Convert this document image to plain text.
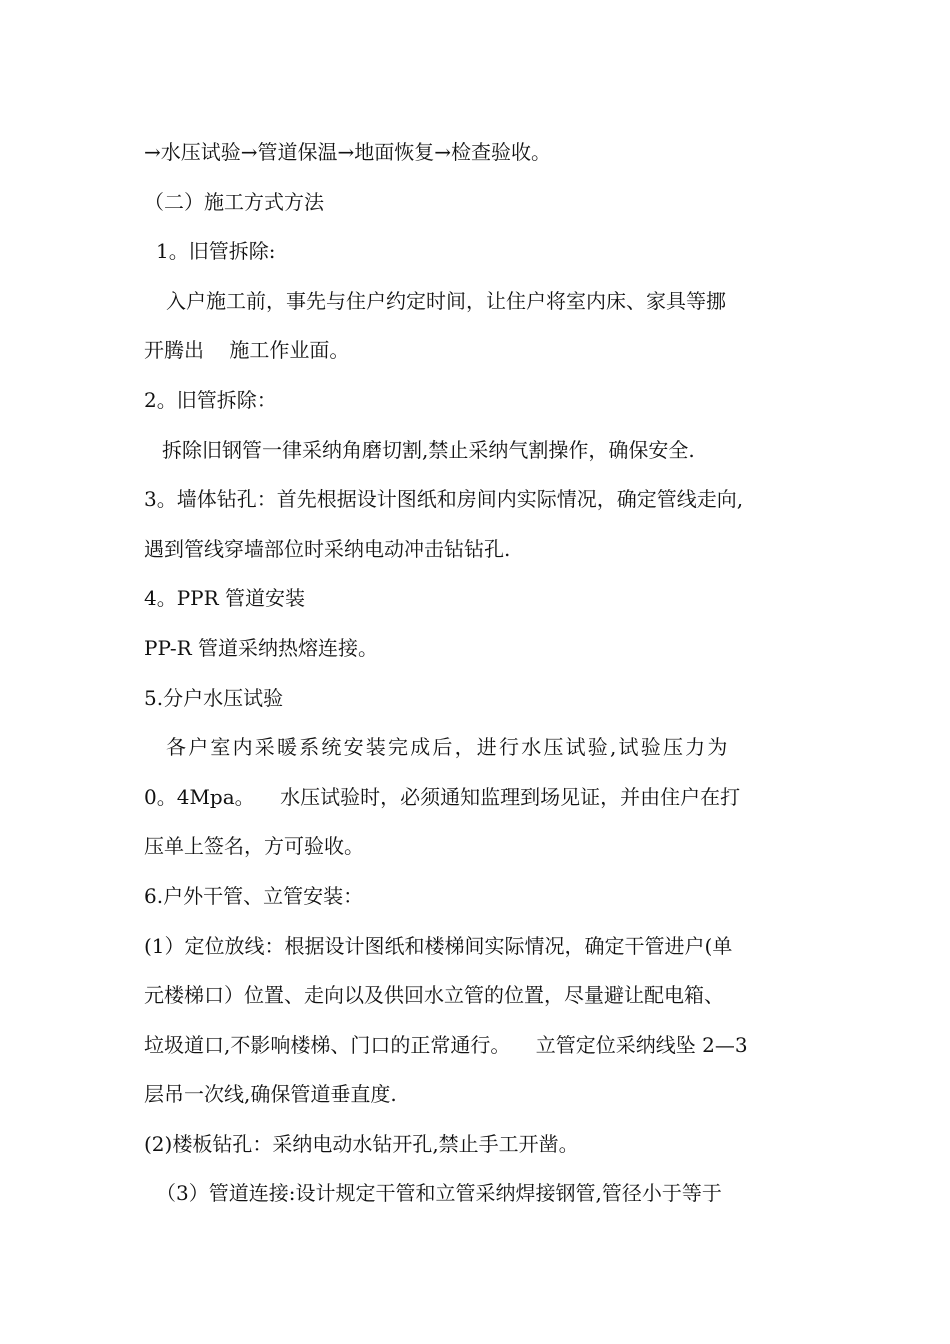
→水压试验→管道保温→地面恢复→检查验收。
（二）施工方式方法
1。旧管拆除:
入户施工前，事先与住户约定时间，让住户将室内床、家具等挪
开腾出    施工作业面。
2。旧管拆除：
拆除旧钢管一律采纳角磨切割,禁止采纳气割操作，确保安全.
3。墙体钻孔：首先根据设计图纸和房间内实际情况，确定管线走向,
遇到管线穿墙部位时采纳电动冲击钻钻孔.
4。PPR 管道安装
PP-R 管道采纳热熔连接。
5.分户水压试验
各户室内采暖系统安装完成后，进行水压试验,试验压力为
0。4Mpa。    水压试验时，必须通知监理到场见证，并由住户在打
压单上签名，方可验收。
6.户外干管、立管安装：
(1）定位放线：根据设计图纸和楼梯间实际情况，确定干管进户(单
元楼梯口）位置、走向以及供回水立管的位置，尽量避让配电箱、
垃圾道口,不影响楼梯、门口的正常通行。    立管定位采纳线坠 2—3
层吊一次线,确保管道垂直度.
(2)楼板钻孔：采纳电动水钻开孔,禁止手工开凿。
（3）管道连接:设计规定干管和立管采纳焊接钢管,管径小于等于
